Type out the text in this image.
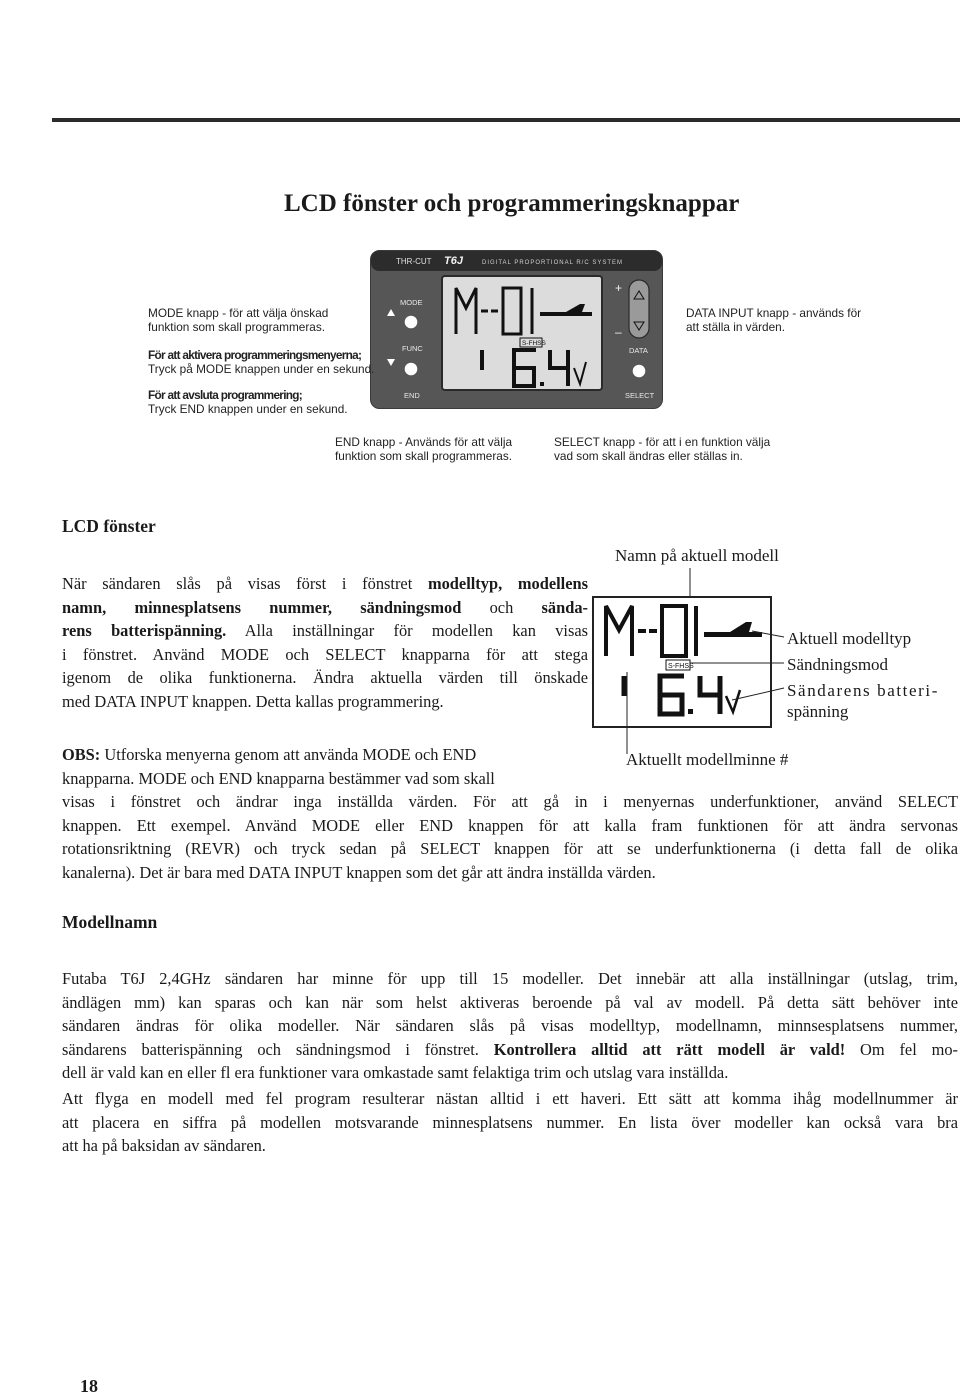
LCD fönster och programmeringsknappar
THR-CUT T6J	DIGITAL PROPORTIONAL R/C SYSTEM
MODE
FUNC
END
S-FHSS
+
–
DATA
SELECT
MODE knapp - för att välja önskad
funktion som skall programmeras.
För att aktivera programmeringsmenyerna;
Tryck på MODE knappen under en sekund.
För att avsluta programmering;
Tryck END knappen under en sekund.
DATA INPUT knapp - används för
att ställa in värden.
END knapp - Används för att välja
funktion som skall programmeras.
SELECT knapp - för att i en funktion välja
vad som skall ändras eller ställas in.
LCD fönster
När sändaren slås på visas först i fönstret modelltyp, modellens
namn, minnesplatsens nummer, sändningsmod och sända-
rens batterispänning. Alla inställningar för modellen kan visas
i fönstret. Använd MODE och SELECT knapparna för att stega
igenom de olika funktionerna. Ändra aktuella värden till önskade
med DATA INPUT knappen. Detta kallas programmering.
Namn på aktuell modell
S-FHSS
Aktuell modelltyp
Sändningsmod
Sändarens batteri-
spänning
Aktuellt modellminne #
OBS: Utforska menyerna genom att använda MODE och END
knapparna. MODE och END knapparna bestämmer vad som skall
visas i fönstret och ändrar inga inställda värden. För att gå in i menyernas underfunktioner, använd SELECT
knappen. Ett exempel. Använd MODE eller END knappen för att kalla fram funktionen för att ändra servonas
rotationsriktning (REVR) och tryck sedan på SELECT knappen för att se underfunktionerna (i detta fall de olika
kanalerna). Det är bara med DATA INPUT knappen som det går att ändra inställda värden.
Modellnamn
Futaba T6J 2,4GHz sändaren har minne för upp till 15 modeller. Det innebär att alla inställningar (utslag, trim,
ändlägen mm) kan sparas och kan när som helst aktiveras beroende på val av modell. På detta sätt behöver inte
sändaren ändras för olika modeller. När sändaren slås på visas modelltyp, modellnamn, minnsesplatsens nummer,
sändarens batterispänning och sändningsmod i fönstret. Kontrollera alltid att rätt modell är vald! Om fel mo-
dell är vald kan en eller fl era funktioner vara omkastade samt felaktiga trim och utslag vara inställda.
Att flyga en modell med fel program resulterar nästan alltid i ett haveri. Ett sätt att komma ihåg modellnummer är
att placera en siffra på modellen motsvarande minnesplatsens nummer. En lista över modeller kan också vara bra
att ha på baksidan av sändaren.
18
